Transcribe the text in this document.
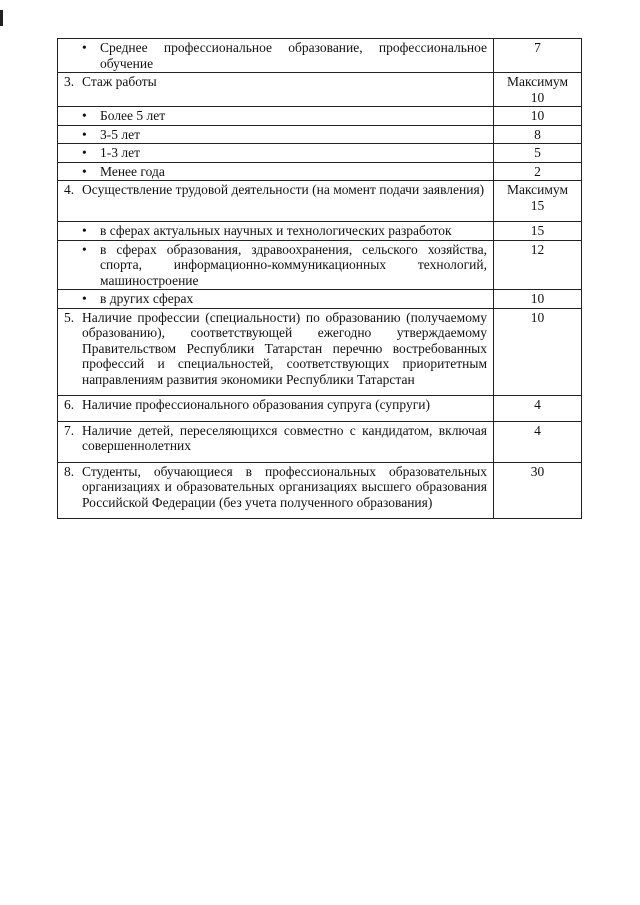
• Среднее профессиональное образование, профессиональное обучение	7

3. Стаж работы	Максимум 10

• Более 5 лет	10

• 3-5 лет	8

• 1-3 лет	5

• Менее года	2

4. Осуществление трудовой деятельности (на момент подачи заявления)	Максимум 15

• в сферах актуальных научных и технологических разработок	15

• в сферах образования, здравоохранения, сельского хозяйства, спорта, информационно-коммуникационных технологий, машиностроение	12

• в других сферах	10

5. Наличие профессии (специальности) по образованию (получаемому образованию), соответствующей ежегодно утверждаемому Правительством Республики Татарстан перечню востребованных профессий и специальностей, соответствующих приоритетным направлениям развития экономики Республики Татарстан	10

6. Наличие профессионального образования супруга (супруги)	4

7. Наличие детей, переселяющихся совместно с кандидатом, включая совершеннолетних	4

8. Студенты, обучающиеся в профессиональных образовательных организациях и образовательных организациях высшего образования Российской Федерации (без учета полученного образования)	30
